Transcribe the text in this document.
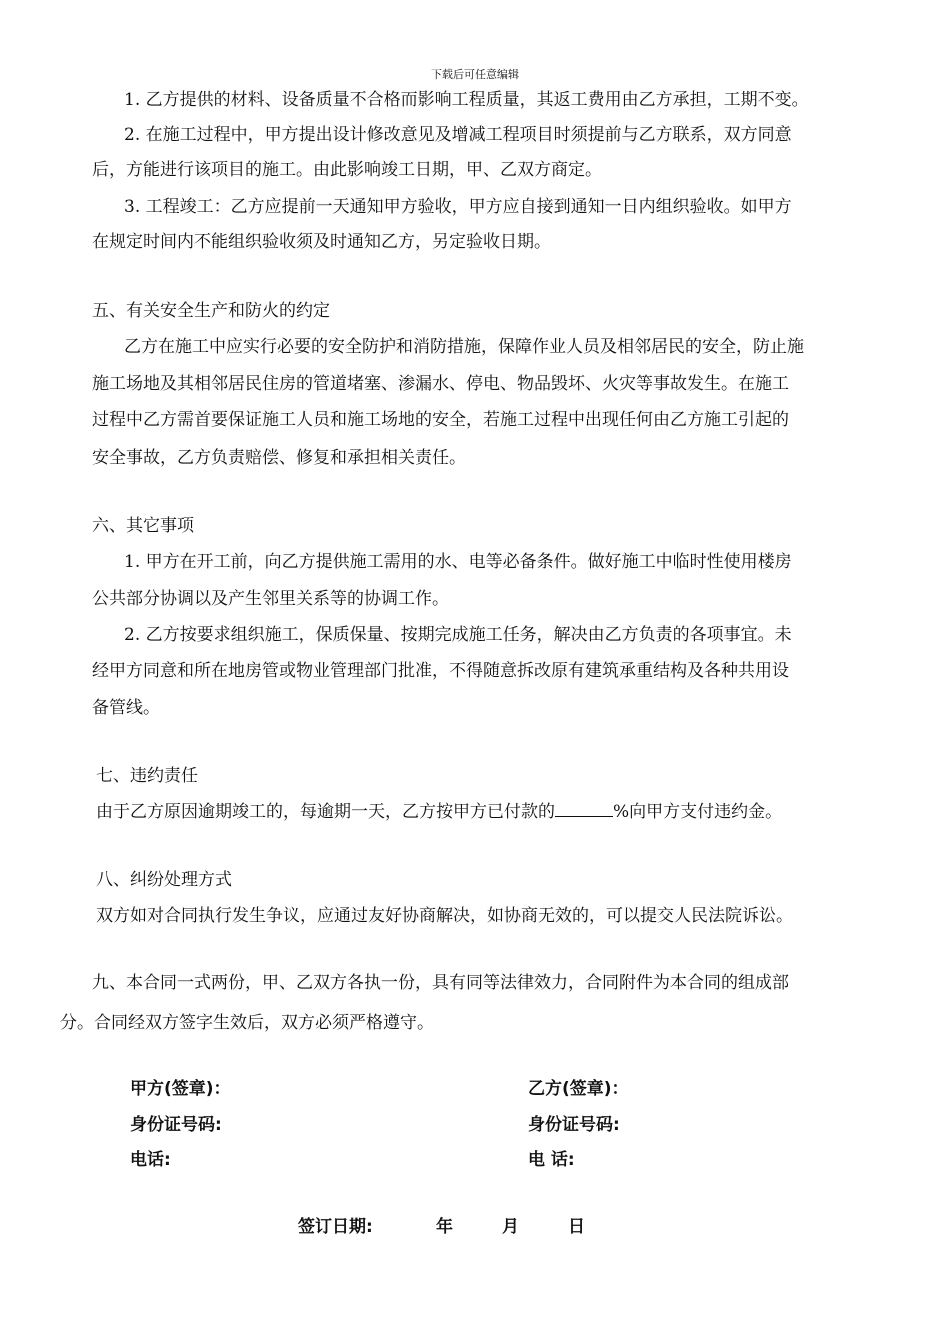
下载后可任意编辑
1. 乙方提供的材料、设备质量不合格而影响工程质量，其返工费用由乙方承担，工期不变。
2. 在施工过程中，甲方提出设计修改意见及增减工程项目时须提前与乙方联系，双方同意
后，方能进行该项目的施工。由此影响竣工日期，甲、乙双方商定。
3. 工程竣工：乙方应提前一天通知甲方验收，甲方应自接到通知一日内组织验收。如甲方
在规定时间内不能组织验收须及时通知乙方，另定验收日期。
五、有关安全生产和防火的约定
乙方在施工中应实行必要的安全防护和消防措施，保障作业人员及相邻居民的安全，防止施
施工场地及其相邻居民住房的管道堵塞、渗漏水、停电、物品毁坏、火灾等事故发生。在施工
过程中乙方需首要保证施工人员和施工场地的安全，若施工过程中出现任何由乙方施工引起的
安全事故，乙方负责赔偿、修复和承担相关责任。
六、其它事项
1. 甲方在开工前，向乙方提供施工需用的水、电等必备条件。做好施工中临时性使用楼房
公共部分协调以及产生邻里关系等的协调工作。
2. 乙方按要求组织施工，保质保量、按期完成施工任务，解决由乙方负责的各项事宜。未
经甲方同意和所在地房管或物业管理部门批准，不得随意拆改原有建筑承重结构及各种共用设
备管线。
七、违约责任
由于乙方原因逾期竣工的，每逾期一天，乙方按甲方已付款的	%向甲方支付违约金。
八、纠纷处理方式
双方如对合同执行发生争议，应通过友好协商解决，如协商无效的，可以提交人民法院诉讼。
九、本合同一式两份，甲、乙双方各执一份，具有同等法律效力，合同附件为本合同的组成部
分。合同经双方签字生效后，双方必须严格遵守。
甲方(签章)：
身份证号码:
电话:
乙方(签章)：
身份证号码:
电 话:
签订日期:	年	月	日
